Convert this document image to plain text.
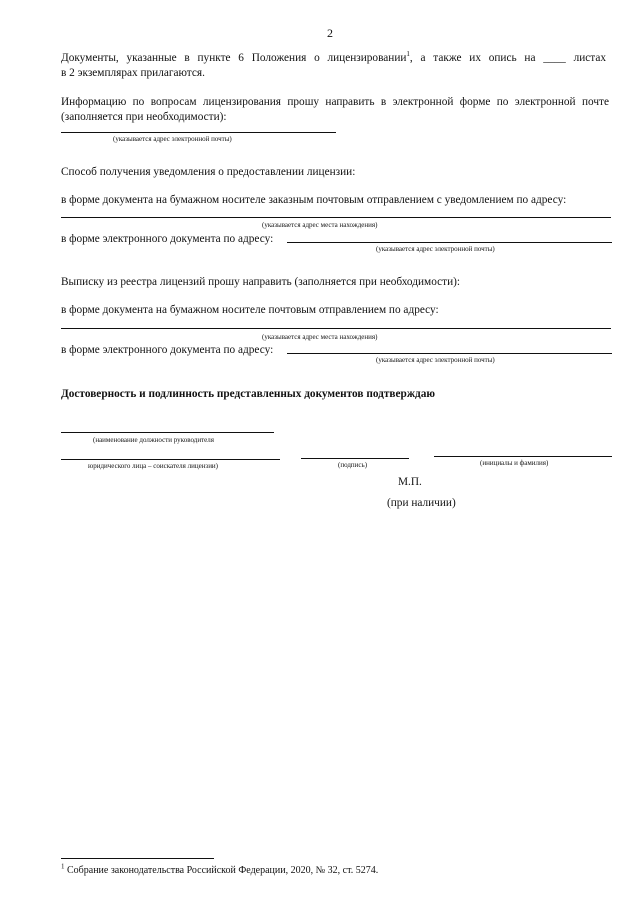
2
Документы, указанные в пункте 6 Положения о лицензировании$^1$, а также их опись на ____ листах
в 2 экземплярах прилагаются.
Информацию по вопросам лицензирования прошу направить в электронной форме по электронной почте
(заполняется при необходимости):
(указывается адрес электронной почты)
Способ получения уведомления о предоставлении лицензии:
в форме документа на бумажном носителе заказным почтовым отправлением с уведомлением по адресу:
(указывается адрес места нахождения)
в форме электронного документа по адресу:
(указывается адрес электронной почты)
Выписку из реестра лицензий прошу направить (заполняется при необходимости):
в форме документа на бумажном носителе почтовым отправлением по адресу:
(указывается адрес места нахождения)
в форме электронного документа по адресу:
(указывается адрес электронной почты)
Достоверность и подлинность представленных документов подтверждаю
(наименование должности руководителя
юридического лица – соискателя лицензии)	(подпись)	(инициалы и фамилия)
М.П.
(при наличии)
$^1$ Собрание законодательства Российской Федерации, 2020, № 32, ст. 5274.
